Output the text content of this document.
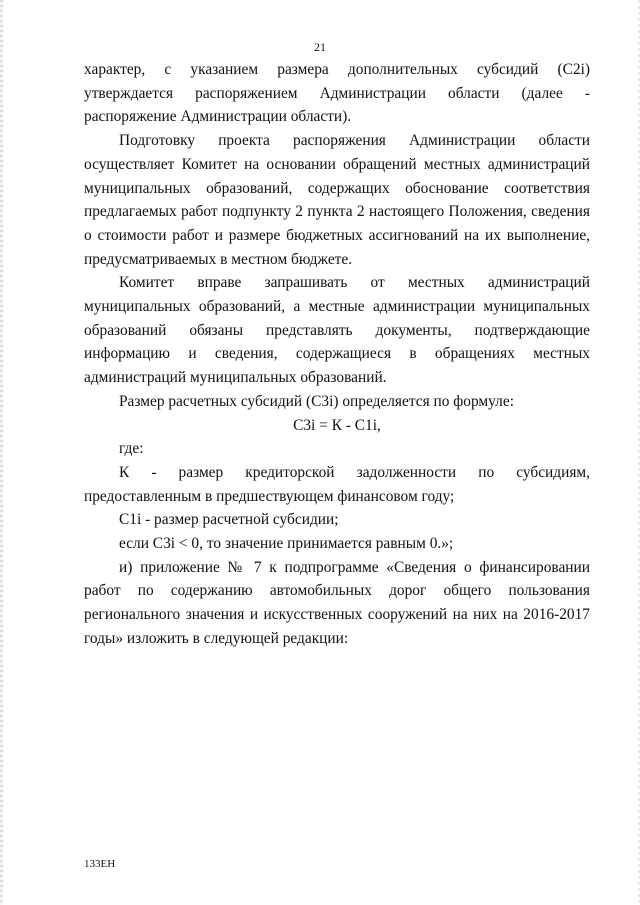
21

характер, с указанием размера дополнительных субсидий (С2i) утверждается распоряжением Администрации области (далее - распоряжение Администрации области).

Подготовку проекта распоряжения Администрации области осуществляет Комитет на основании обращений местных администраций муниципальных образований, содержащих обоснование соответствия предлагаемых работ подпункту 2 пункта 2 настоящего Положения, сведения о стоимости работ и размере бюджетных ассигнований на их выполнение, предусматриваемых в местном бюджете.

Комитет вправе запрашивать от местных администраций муниципальных образований, а местные администрации муниципальных образований обязаны представлять документы, подтверждающие информацию и сведения, содержащиеся в обращениях местных администраций муниципальных образований.

Размер расчетных субсидий (С3i) определяется по формуле:

С3i = К - С1i,

где:

К - размер кредиторской задолженности по субсидиям, предоставленным в предшествующем финансовом году;

С1i - размер расчетной субсидии;

если С3i < 0, то значение принимается равным 0.»;

и) приложение № 7 к подпрограмме «Сведения о финансировании работ по содержанию автомобильных дорог общего пользования регионального значения и искусственных сооружений на них на 2016-2017 годы» изложить в следующей редакции:

133ЕН
